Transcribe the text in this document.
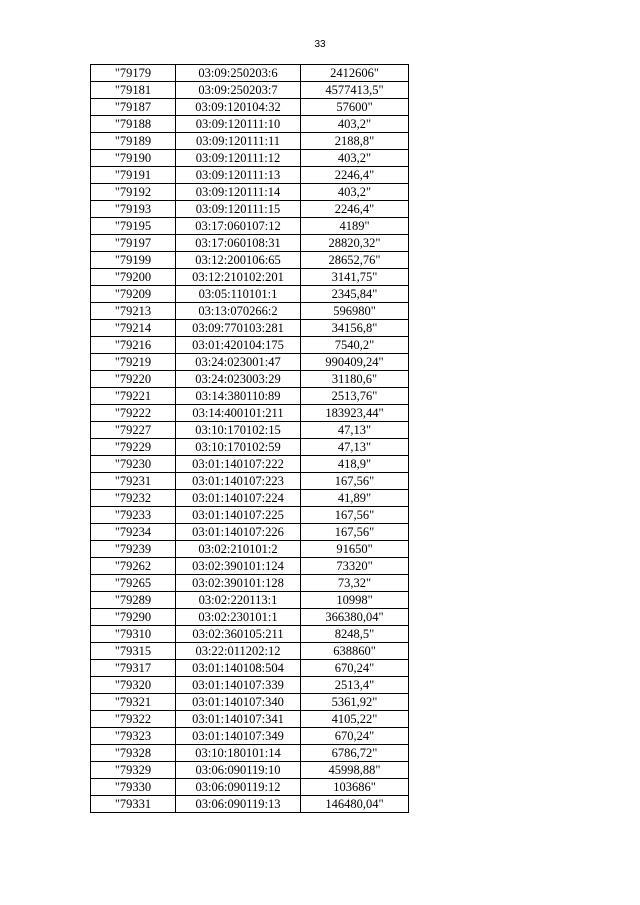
33
"79179	03:09:250203:6	2412606"
"79181	03:09:250203:7	4577413,5"
"79187	03:09:120104:32	57600"
"79188	03:09:120111:10	403,2"
"79189	03:09:120111:11	2188,8"
"79190	03:09:120111:12	403,2"
"79191	03:09:120111:13	2246,4"
"79192	03:09:120111:14	403,2"
"79193	03:09:120111:15	2246,4"
"79195	03:17:060107:12	4189"
"79197	03:17:060108:31	28820,32"
"79199	03:12:200106:65	28652,76"
"79200	03:12:210102:201	3141,75"
"79209	03:05:110101:1	2345,84"
"79213	03:13:070266:2	596980"
"79214	03:09:770103:281	34156,8"
"79216	03:01:420104:175	7540,2"
"79219	03:24:023001:47	990409,24"
"79220	03:24:023003:29	31180,6"
"79221	03:14:380110:89	2513,76"
"79222	03:14:400101:211	183923,44"
"79227	03:10:170102:15	47,13"
"79229	03:10:170102:59	47,13"
"79230	03:01:140107:222	418,9"
"79231	03:01:140107:223	167,56"
"79232	03:01:140107:224	41,89"
"79233	03:01:140107:225	167,56"
"79234	03:01:140107:226	167,56"
"79239	03:02:210101:2	91650"
"79262	03:02:390101:124	73320"
"79265	03:02:390101:128	73,32"
"79289	03:02:220113:1	10998"
"79290	03:02:230101:1	366380,04"
"79310	03:02:360105:211	8248,5"
"79315	03:22:011202:12	638860"
"79317	03:01:140108:504	670,24"
"79320	03:01:140107:339	2513,4"
"79321	03:01:140107:340	5361,92"
"79322	03:01:140107:341	4105,22"
"79323	03:01:140107:349	670,24"
"79328	03:10:180101:14	6786,72"
"79329	03:06:090119:10	45998,88"
"79330	03:06:090119:12	103686"
"79331	03:06:090119:13	146480,04"
